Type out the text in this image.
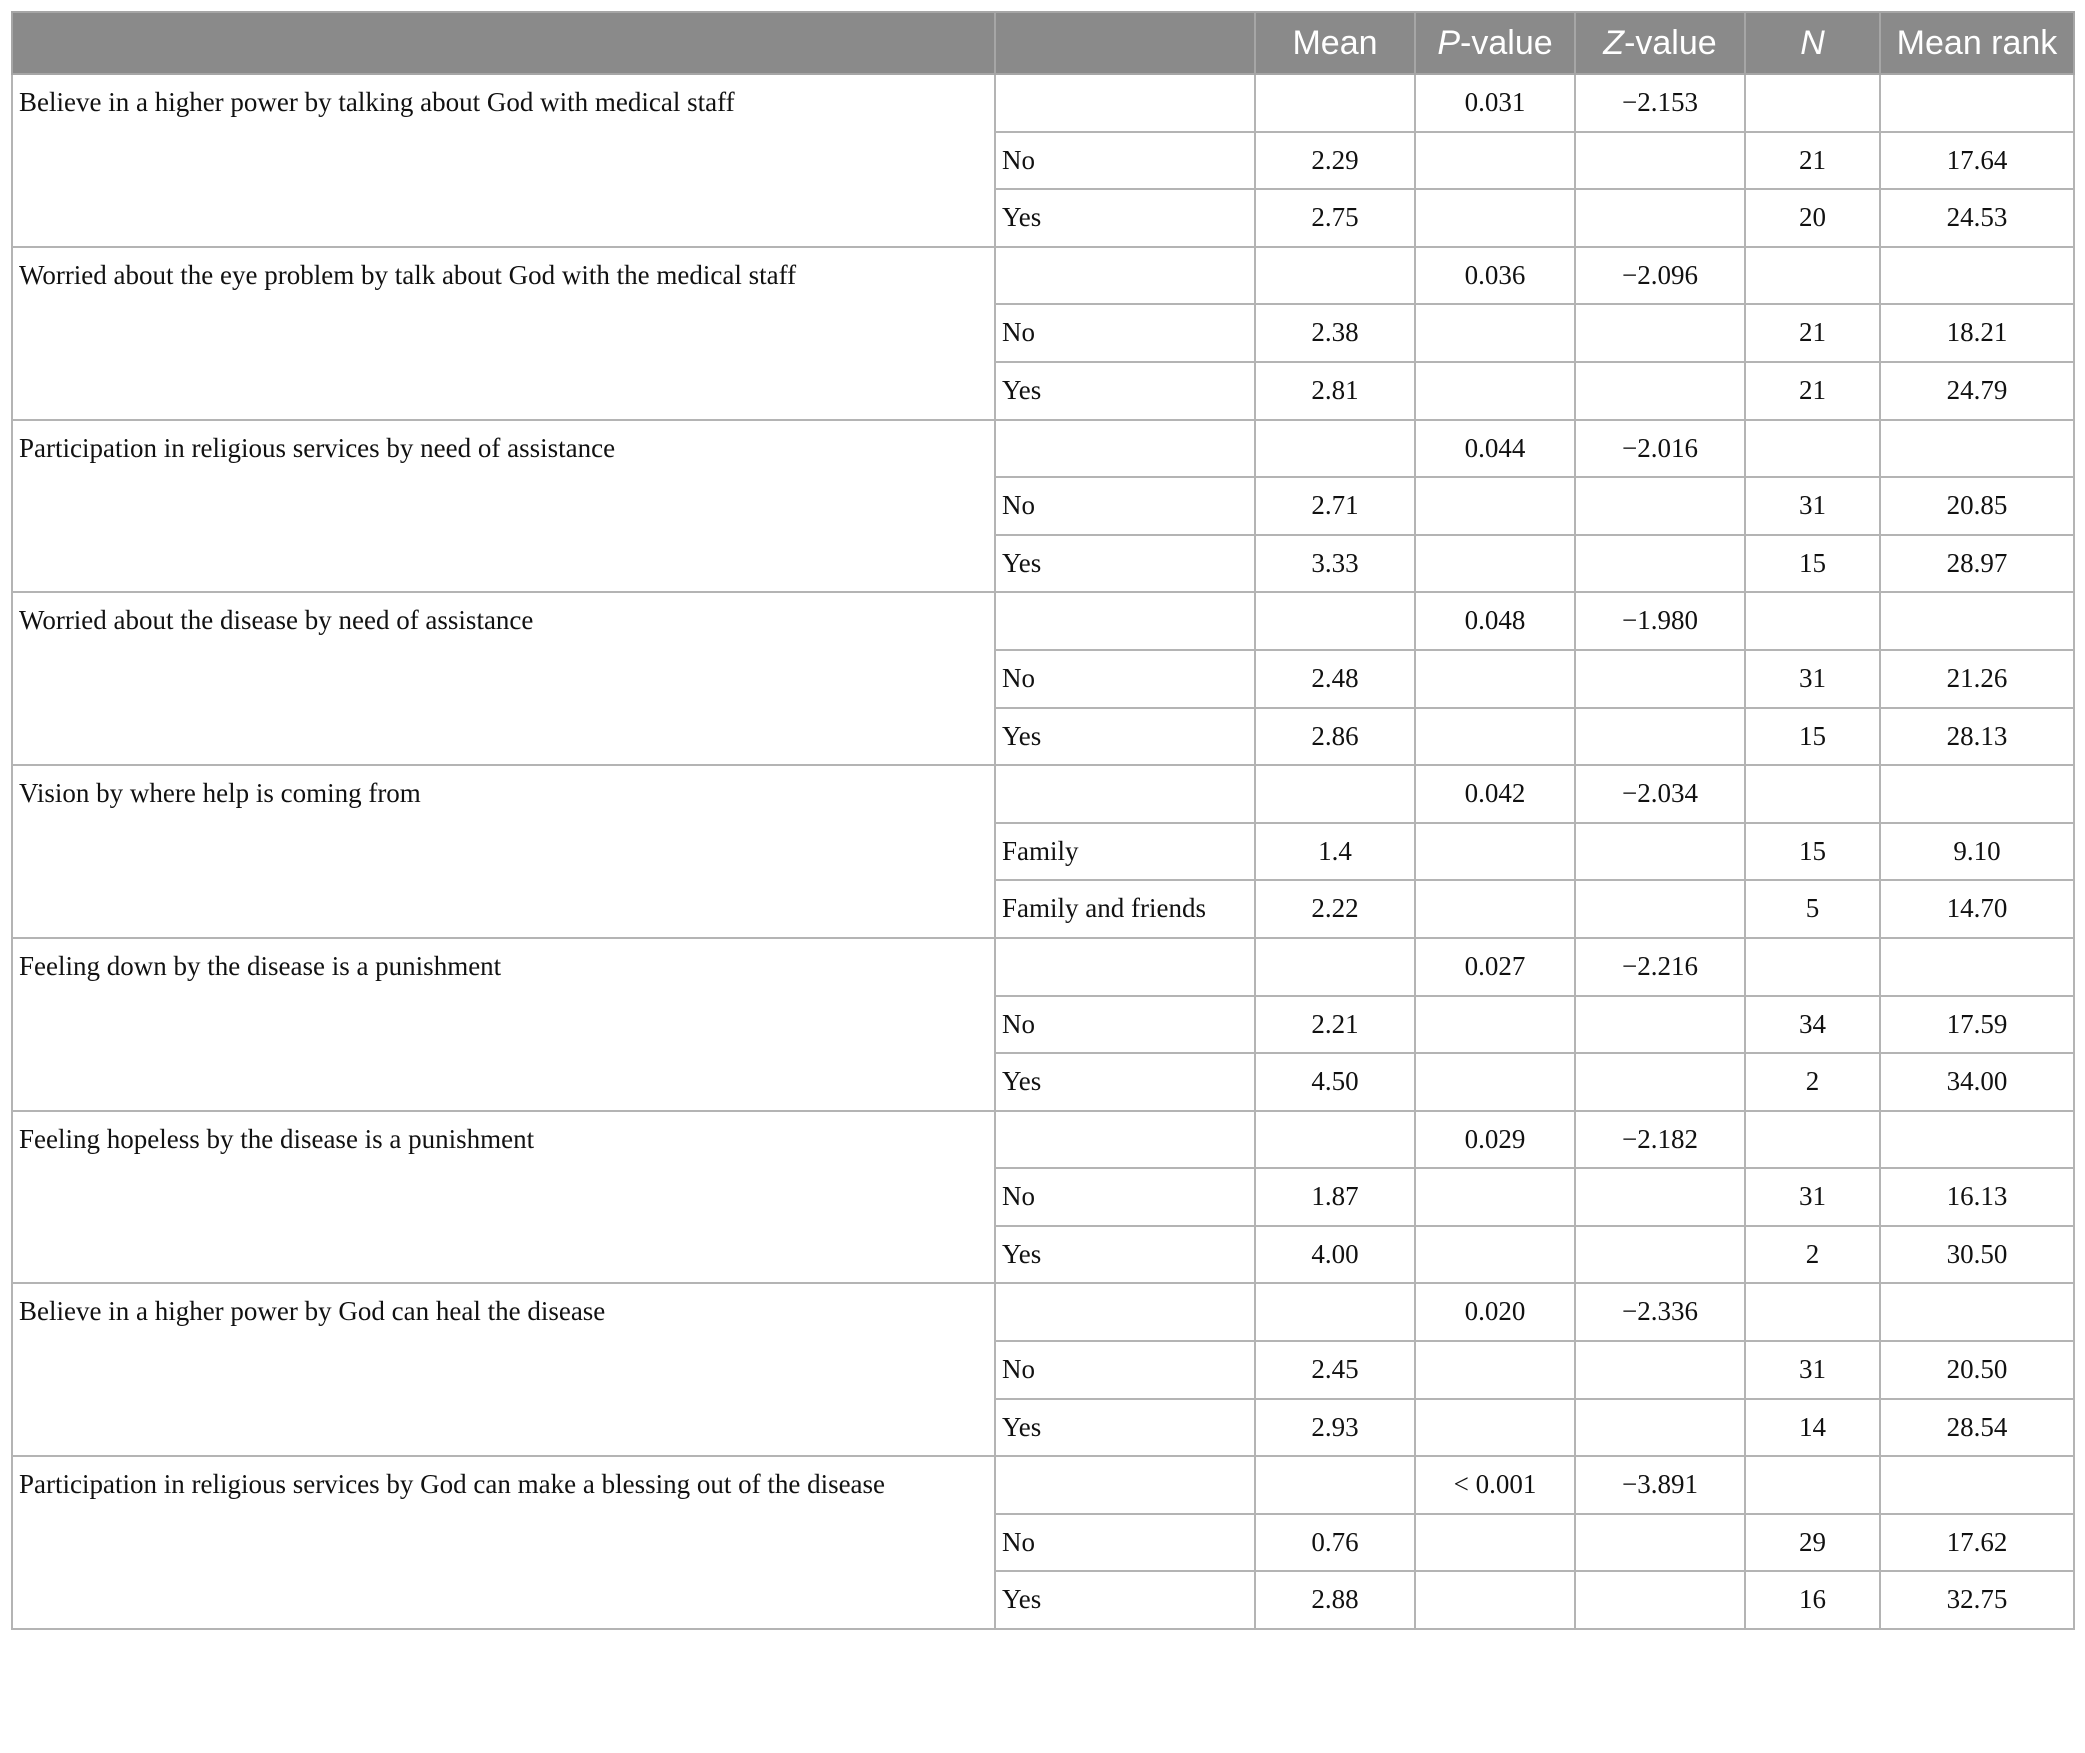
		Mean	P-value	Z-value	N	Mean rank
Believe in a higher power by talking about God with medical staff			0.031	−2.153		
	No	2.29			21	17.64
	Yes	2.75			20	24.53
Worried about the eye problem by talk about God with the medical staff			0.036	−2.096		
	No	2.38			21	18.21
	Yes	2.81			21	24.79
Participation in religious services by need of assistance			0.044	−2.016		
	No	2.71			31	20.85
	Yes	3.33			15	28.97
Worried about the disease by need of assistance			0.048	−1.980		
	No	2.48			31	21.26
	Yes	2.86			15	28.13
Vision by where help is coming from			0.042	−2.034		
	Family	1.4			15	9.10
	Family and friends	2.22			5	14.70
Feeling down by the disease is a punishment			0.027	−2.216		
	No	2.21			34	17.59
	Yes	4.50			2	34.00
Feeling hopeless by the disease is a punishment			0.029	−2.182		
	No	1.87			31	16.13
	Yes	4.00			2	30.50
Believe in a higher power by God can heal the disease			0.020	−2.336		
	No	2.45			31	20.50
	Yes	2.93			14	28.54
Participation in religious services by God can make a blessing out of the disease			< 0.001	−3.891		
	No	0.76			29	17.62
	Yes	2.88			16	32.75
